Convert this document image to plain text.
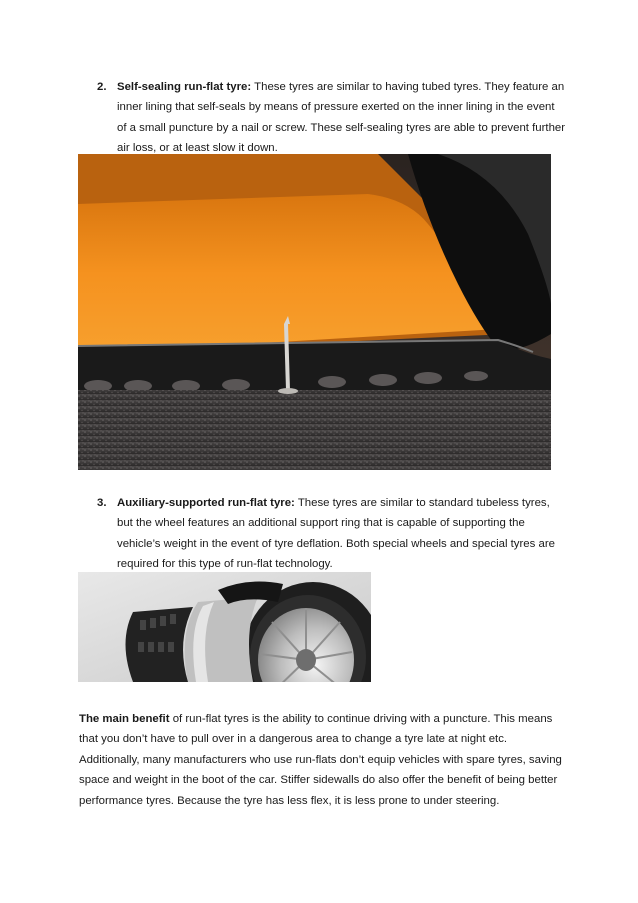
2. Self-sealing run-flat tyre: These tyres are similar to having tubed tyres. They feature an inner lining that self-seals by means of pressure exerted on the inner lining in the event of a small puncture by a nail or screw. These self-sealing tyres are able to prevent further air loss, or at least slow it down.
3. Auxiliary-supported run-flat tyre: These tyres are similar to standard tubeless tyres, but the wheel features an additional support ring that is capable of supporting the vehicle’s weight in the event of tyre deflation. Both special wheels and special tyres are required for this type of run-flat technology.
The main benefit of run-flat tyres is the ability to continue driving with a puncture. This means that you don’t have to pull over in a dangerous area to change a tyre late at night etc. Additionally, many manufacturers who use run-flats don’t equip vehicles with spare tyres, saving space and weight in the boot of the car. Stiffer sidewalls do also offer the benefit of being better performance tyres. Because the tyre has less flex, it is less prone to under steering.
